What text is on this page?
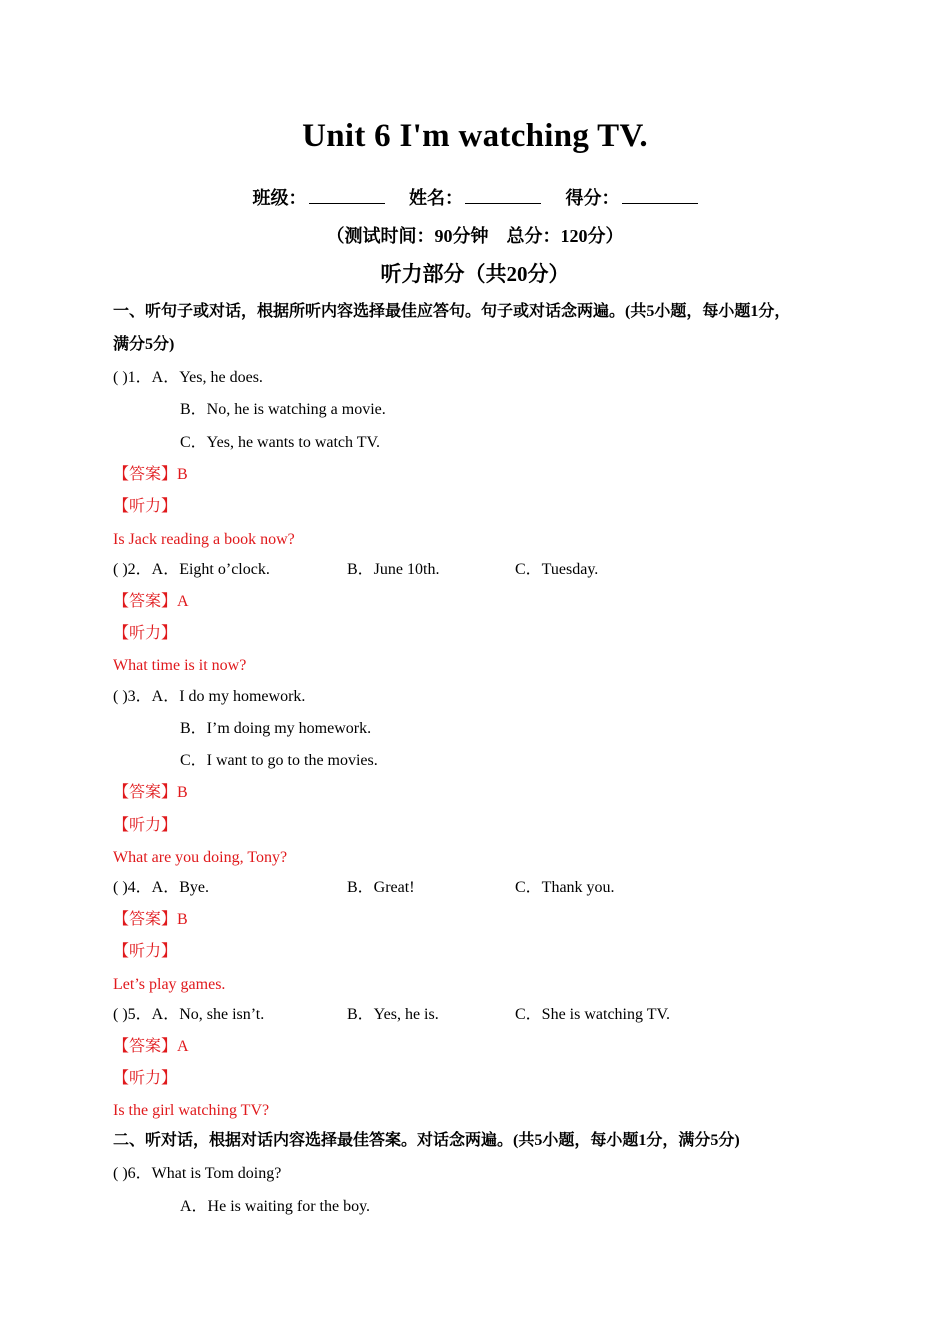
Unit 6 I'm watching TV.
班级：	姓名：	得分：
（测试时间：90分钟 总分：120分）
听力部分（共20分）
一、听句子或对话，根据所听内容选择最佳应答句。句子或对话念两遍。(共5小题，每小题1分，
满分5分)
( )1．A．Yes, he does.
B．No, he is watching a movie.
C．Yes, he wants to watch TV.
【答案】B
【听力】
Is Jack reading a book now?
( )2．A．Eight o’clock.	B．June 10th.	C．Tuesday.
【答案】A
【听力】
What time is it now?
( )3．A．I do my homework.
B．I’m doing my homework.
C．I want to go to the movies.
【答案】B
【听力】
What are you doing, Tony?
( )4．A．Bye.	B．Great!	C．Thank you.
【答案】B
【听力】
Let’s play games.
( )5．A．No, she isn’t.	B．Yes, he is.	C．She is watching TV.
【答案】A
【听力】
Is the girl watching TV?
二、听对话，根据对话内容选择最佳答案。对话念两遍。(共5小题，每小题1分，满分5分)
( )6．What is Tom doing?
A．He is waiting for the boy.
